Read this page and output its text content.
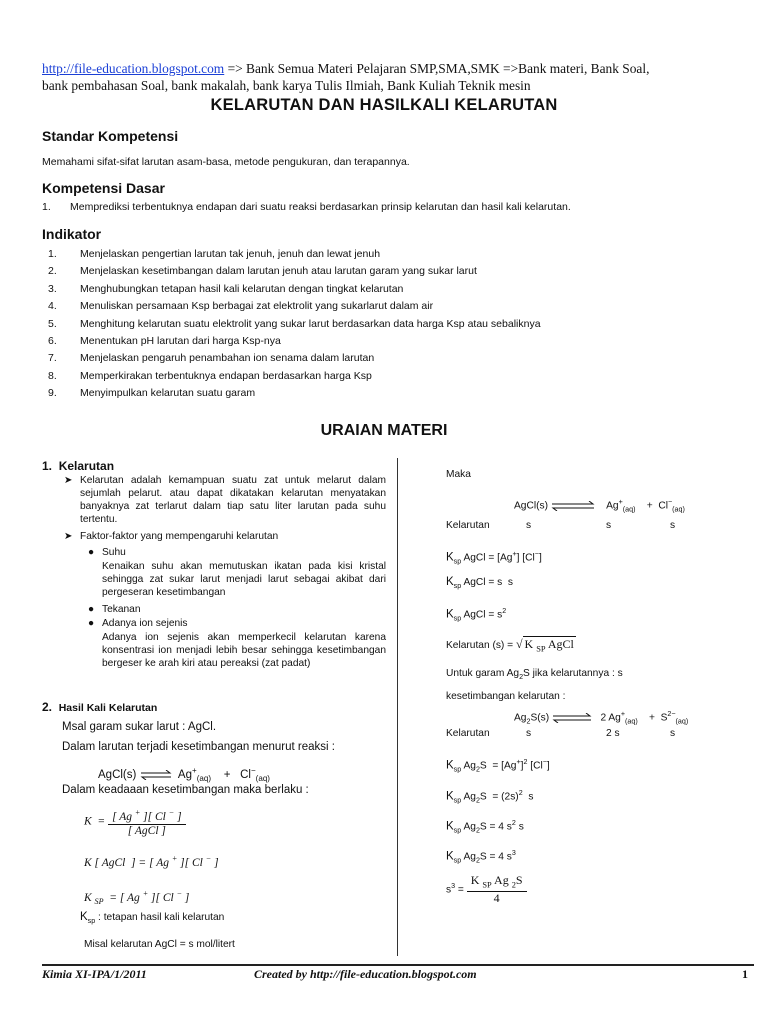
http://file-education.blogspot.com => Bank Semua Materi Pelajaran SMP,SMA,SMK =>Bank materi, Bank Soal,
bank pembahasan Soal, bank makalah, bank karya Tulis Ilmiah, Bank Kuliah Teknik mesin
KELARUTAN DAN HASILKALI KELARUTAN
Standar Kompetensi
Memahami sifat-sifat larutan asam-basa, metode pengukuran, dan terapannya.
Kompetensi Dasar
1. Memprediksi terbentuknya endapan dari suatu reaksi berdasarkan prinsip kelarutan dan hasil kali kelarutan.
Indikator
1. Menjelaskan pengertian larutan tak jenuh, jenuh dan lewat jenuh
2. Menjelaskan kesetimbangan dalam larutan jenuh atau larutan garam yang sukar larut
3. Menghubungkan tetapan hasil kali kelarutan dengan tingkat kelarutan
4. Menuliskan persamaan Ksp berbagai zat elektrolit yang sukarlarut dalam air
5. Menghitung kelarutan suatu elektrolit yang sukar larut berdasarkan data harga Ksp atau sebaliknya
6. Menentukan pH larutan dari harga Ksp-nya
7. Menjelaskan pengaruh penambahan ion senama dalam larutan
8. Memperkirakan terbentuknya endapan berdasarkan harga Ksp
9. Menyimpulkan kelarutan suatu garam
URAIAN MATERI
1. Kelarutan
➤ Kelarutan adalah kemampuan suatu zat untuk melarut dalam sejumlah pelarut. atau dapat dikatakan kelarutan menyatakan banyaknya zat terlarut dalam tiap satu liter larutan pada suhu tertentu.
➤ Faktor-faktor yang mempengaruhi kelarutan
● Suhu
Kenaikan suhu akan memutuskan ikatan pada kisi kristal sehingga zat sukar larut menjadi larut sebagai akibat dari pergeseran kesetimbangan
● Tekanan
● Adanya ion sejenis
Adanya ion sejenis akan memperkecil kelarutan karena konsentrasi ion menjadi lebih besar sehingga kesetimbangan bergeser ke arah kiri atau pereaksi (zat padat)
2. Hasil Kali Kelarutan
Msal garam sukar larut : AgCl.
Dalam larutan terjadi kesetimbangan menurut reaksi :
AgCl(s) ⇌ $Ag^+_{(aq)}$    +   $Cl^-_{(aq)}$
Dalam keadaaan kesetimbangan maka berlaku :
$K = \frac{[ Ag ^+ ][ Cl ^- ]}{\text{[ AgCl ]}}$
K [ AgCl  ] = [ Ag + ][ Cl − ]
K $_{SP}$  = [ Ag + ][ Cl − ]
$K_{sp}$ : tetapan hasil kali kelarutan
Misal kelarutan AgCl = s mol/litert
Maka
AgCl(s)	$Ag^+_{(aq)}$    +  $Cl^-_{(aq)}$
Kelarutan	s	s	s
$K_{sp}$ AgCl = [Ag+] [Cl−]
$K_{sp}$ AgCl = s  s
$K_{sp}$ AgCl = $s^2$
Kelarutan (s) = √ K $_{SP}$ AgCl
Untuk garam $Ag_2S$ jika kelarutannya : s
kesetimbangan kelarutan :
$Ag_2S(s)$ ⇌ 2 $Ag^+_{(aq)}$    +  $S^{2-}_{(aq)}$
Kelarutan	s	2 s	s
$K_{sp}$ $Ag_2S = [Ag^+]^2$ [Cl−]
$K_{sp}$ $Ag_2S = (2s)^2$  s
$K_{sp}$ $Ag_2S = 4$ $s^2$ s
$K_{sp}$ $Ag_2S = 4$ $s^3$
$s^3 = \frac{K _{SP} Ag _2S}{4}$
Kimia XI-IPA/1/2011	Created by http://file-education.blogspot.com	1
